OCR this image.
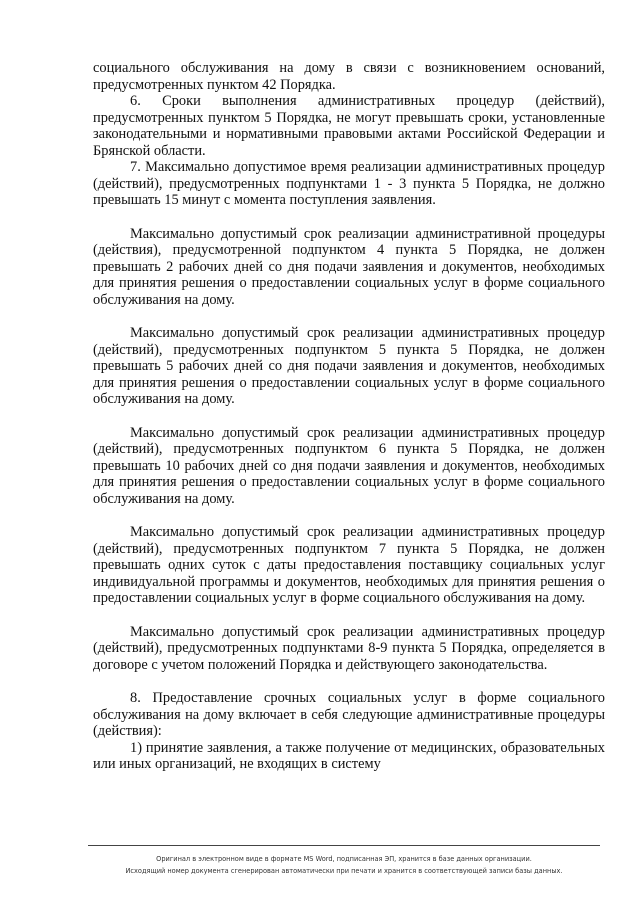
социального обслуживания на дому в связи с возникновением оснований, предусмотренных пунктом 42 Порядка.

6. Сроки выполнения административных процедур (действий), предусмотренных пунктом 5 Порядка, не могут превышать сроки, установленные законодательными и нормативными правовыми актами Российской Федерации и Брянской области.

7. Максимально допустимое время реализации административных процедур (действий), предусмотренных подпунктами 1 - 3 пункта 5 Порядка, не должно превышать 15 минут с момента поступления заявления.

Максимально допустимый срок реализации административной процедуры (действия), предусмотренной подпунктом 4 пункта 5 Порядка, не должен превышать 2 рабочих дней со дня подачи заявления и документов, необходимых для принятия решения о предоставлении социальных услуг в форме социального обслуживания на дому.

Максимально допустимый срок реализации административных процедур (действий), предусмотренных подпунктом 5 пункта 5 Порядка, не должен превышать 5 рабочих дней со дня подачи заявления и документов, необходимых для принятия решения о предоставлении социальных услуг в форме социального обслуживания на дому.

Максимально допустимый срок реализации административных процедур (действий), предусмотренных подпунктом 6 пункта 5 Порядка, не должен превышать 10 рабочих дней со дня подачи заявления и документов, необходимых для принятия решения о предоставлении социальных услуг в форме социального обслуживания на дому.

Максимально допустимый срок реализации административных процедур (действий), предусмотренных подпунктом 7 пункта 5 Порядка, не должен превышать одних суток с даты предоставления поставщику социальных услуг индивидуальной программы и документов, необходимых для принятия решения о предоставлении социальных услуг в форме социального обслуживания на дому.

Максимально допустимый срок реализации административных процедур (действий), предусмотренных подпунктами 8-9 пункта 5 Порядка, определяется в договоре с учетом положений Порядка и действующего законодательства.

8. Предоставление срочных социальных услуг в форме социального обслуживания на дому включает в себя следующие административные процедуры (действия):

1) принятие заявления, а также получение от медицинских, образовательных или иных организаций, не входящих в систему

Оригинал в электронном виде в формате MS Word, подписанная ЭП, хранится в базе данных организации.
Исходящий номер документа сгенерирован автоматически при печати и хранится в соответствующей записи базы данных.
